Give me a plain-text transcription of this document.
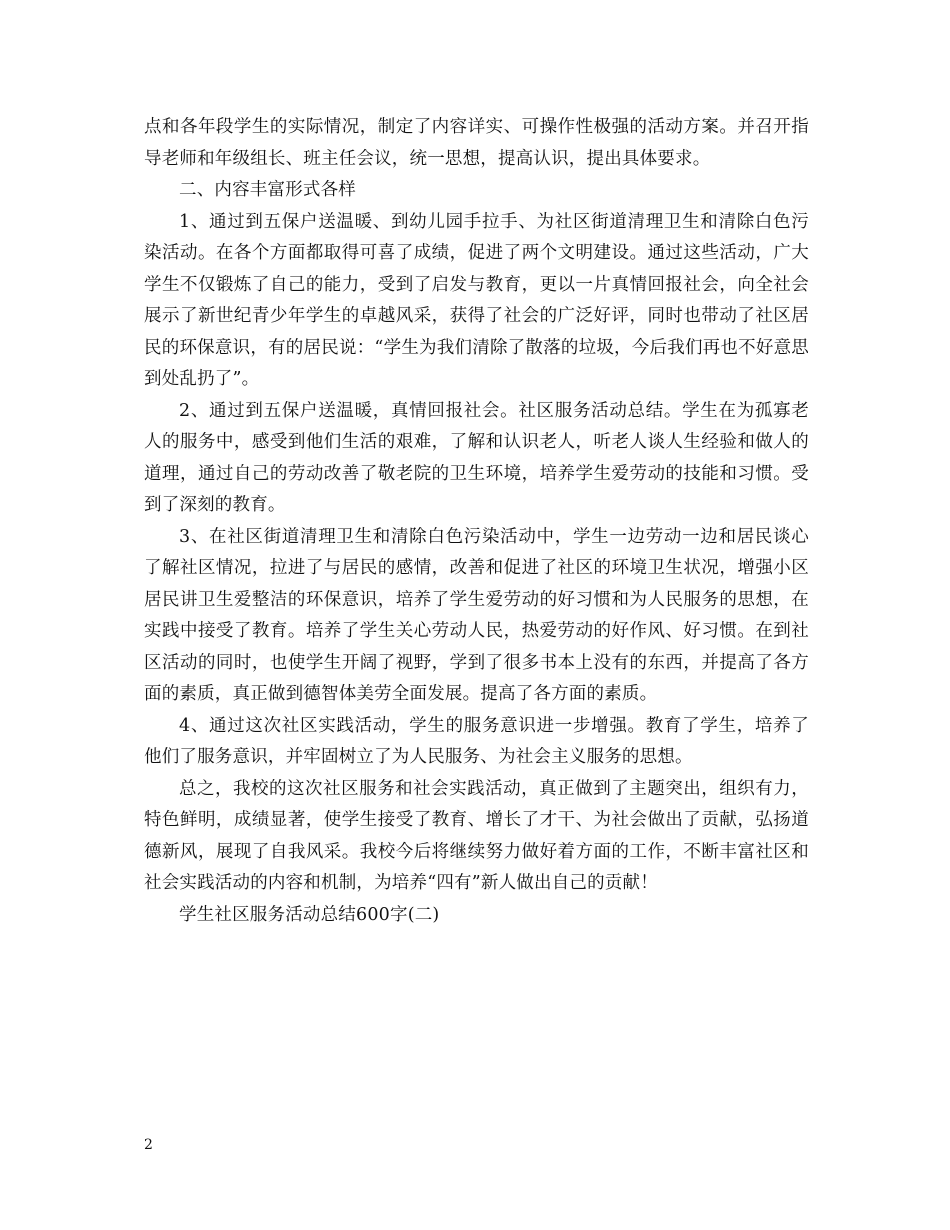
点和各年段学生的实际情况，制定了内容详实、可操作性极强的活动方案。并召开指导老师和年级组长、班主任会议，统一思想，提高认识，提出具体要求。

二、内容丰富形式各样

1、通过到五保户送温暖、到幼儿园手拉手、为社区街道清理卫生和清除白色污染活动。在各个方面都取得可喜了成绩，促进了两个文明建设。通过这些活动，广大学生不仅锻炼了自己的能力，受到了启发与教育，更以一片真情回报社会，向全社会展示了新世纪青少年学生的卓越风采，获得了社会的广泛好评，同时也带动了社区居民的环保意识，有的居民说：“学生为我们清除了散落的垃圾，今后我们再也不好意思到处乱扔了”。

2、通过到五保户送温暖，真情回报社会。社区服务活动总结。学生在为孤寡老人的服务中，感受到他们生活的艰难，了解和认识老人，听老人谈人生经验和做人的道理，通过自己的劳动改善了敬老院的卫生环境，培养学生爱劳动的技能和习惯。受到了深刻的教育。

3、在社区街道清理卫生和清除白色污染活动中，学生一边劳动一边和居民谈心了解社区情况，拉进了与居民的感情，改善和促进了社区的环境卫生状况，增强小区居民讲卫生爱整洁的环保意识，培养了学生爱劳动的好习惯和为人民服务的思想，在实践中接受了教育。培养了学生关心劳动人民，热爱劳动的好作风、好习惯。在到社区活动的同时，也使学生开阔了视野，学到了很多书本上没有的东西，并提高了各方面的素质，真正做到德智体美劳全面发展。提高了各方面的素质。

4、通过这次社区实践活动，学生的服务意识进一步增强。教育了学生，培养了他们了服务意识，并牢固树立了为人民服务、为社会主义服务的思想。

总之，我校的这次社区服务和社会实践活动，真正做到了主题突出，组织有力，特色鲜明，成绩显著，使学生接受了教育、增长了才干、为社会做出了贡献，弘扬道德新风，展现了自我风采。我校今后将继续努力做好着方面的工作，不断丰富社区和社会实践活动的内容和机制，为培养“四有”新人做出自己的贡献！

学生社区服务活动总结600字(二)

2
